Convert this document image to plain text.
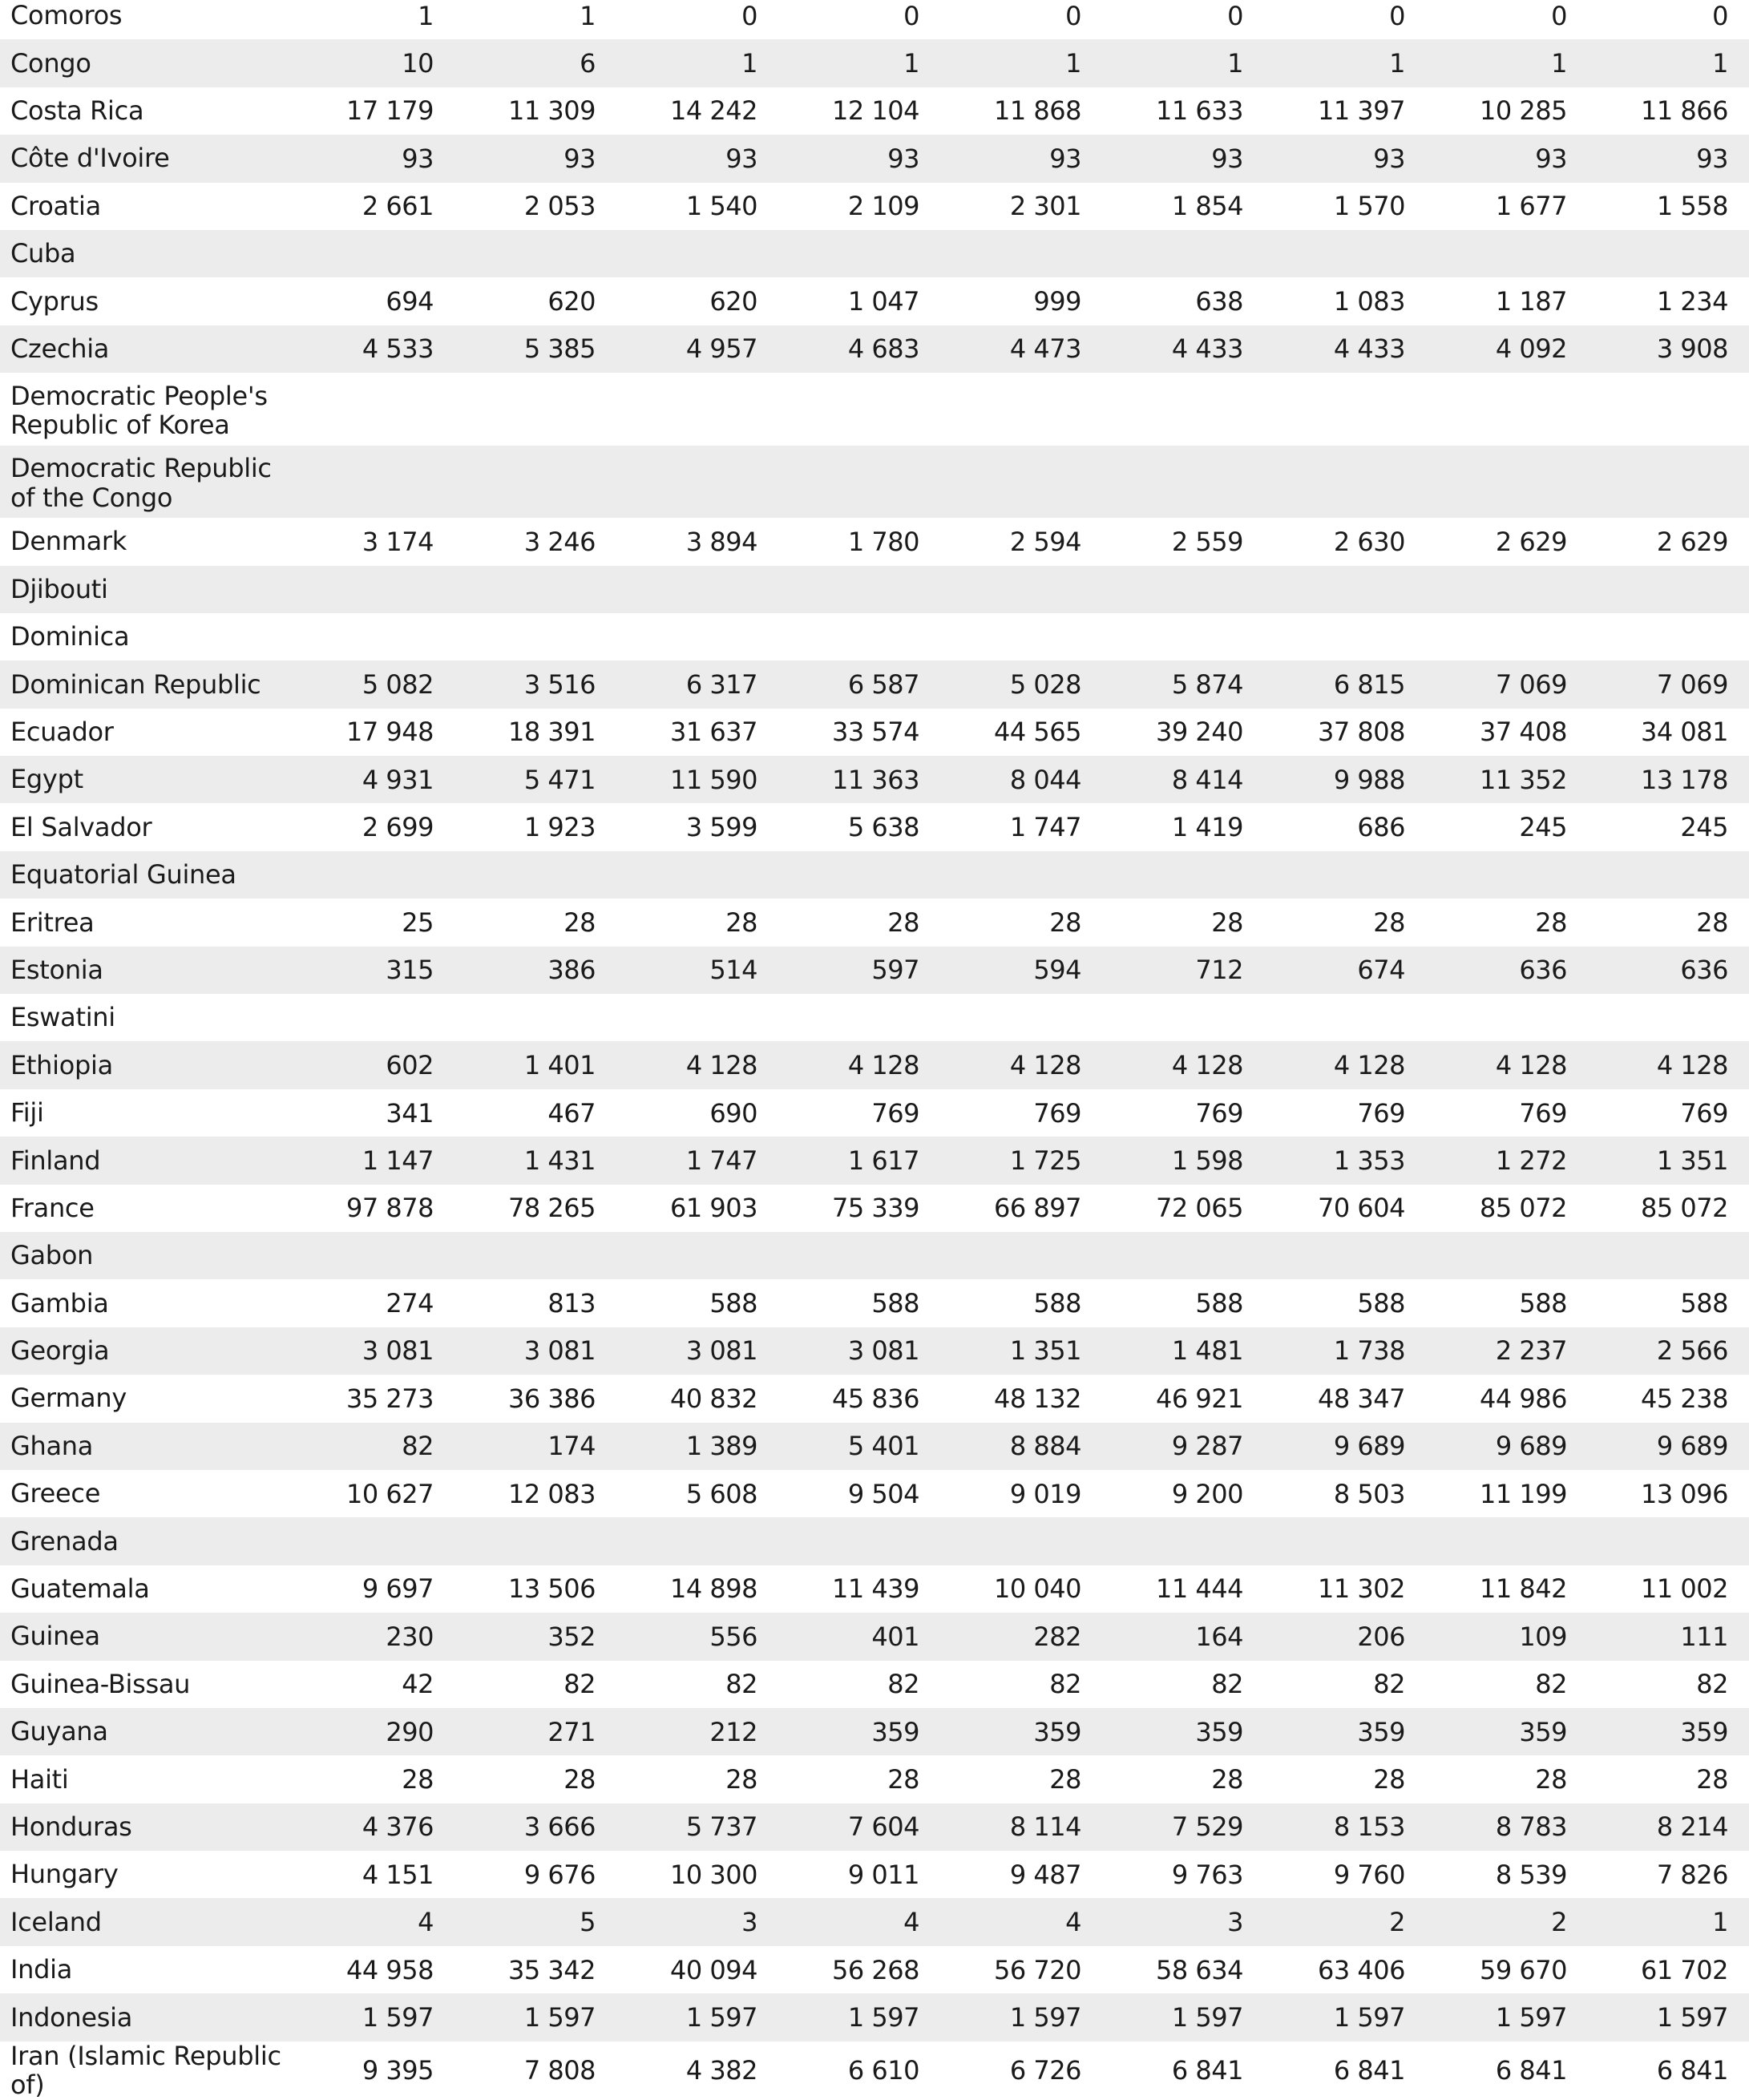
Comoros	1	1	0	0	0	0	0	0	0
Congo	10	6	1	1	1	1	1	1	1
Costa Rica	17 179	11 309	14 242	12 104	11 868	11 633	11 397	10 285	11 866
Côte d'Ivoire	93	93	93	93	93	93	93	93	93
Croatia	2 661	2 053	1 540	2 109	2 301	1 854	1 570	1 677	1 558
Cuba									
Cyprus	694	620	620	1 047	999	638	1 083	1 187	1 234
Czechia	4 533	5 385	4 957	4 683	4 473	4 433	4 433	4 092	3 908
Democratic People's Republic of Korea									
Democratic Republic of the Congo									
Denmark	3 174	3 246	3 894	1 780	2 594	2 559	2 630	2 629	2 629
Djibouti									
Dominica									
Dominican Republic	5 082	3 516	6 317	6 587	5 028	5 874	6 815	7 069	7 069
Ecuador	17 948	18 391	31 637	33 574	44 565	39 240	37 808	37 408	34 081
Egypt	4 931	5 471	11 590	11 363	8 044	8 414	9 988	11 352	13 178
El Salvador	2 699	1 923	3 599	5 638	1 747	1 419	686	245	245
Equatorial Guinea									
Eritrea	25	28	28	28	28	28	28	28	28
Estonia	315	386	514	597	594	712	674	636	636
Eswatini									
Ethiopia	602	1 401	4 128	4 128	4 128	4 128	4 128	4 128	4 128
Fiji	341	467	690	769	769	769	769	769	769
Finland	1 147	1 431	1 747	1 617	1 725	1 598	1 353	1 272	1 351
France	97 878	78 265	61 903	75 339	66 897	72 065	70 604	85 072	85 072
Gabon									
Gambia	274	813	588	588	588	588	588	588	588
Georgia	3 081	3 081	3 081	3 081	1 351	1 481	1 738	2 237	2 566
Germany	35 273	36 386	40 832	45 836	48 132	46 921	48 347	44 986	45 238
Ghana	82	174	1 389	5 401	8 884	9 287	9 689	9 689	9 689
Greece	10 627	12 083	5 608	9 504	9 019	9 200	8 503	11 199	13 096
Grenada									
Guatemala	9 697	13 506	14 898	11 439	10 040	11 444	11 302	11 842	11 002
Guinea	230	352	556	401	282	164	206	109	111
Guinea-Bissau	42	82	82	82	82	82	82	82	82
Guyana	290	271	212	359	359	359	359	359	359
Haiti	28	28	28	28	28	28	28	28	28
Honduras	4 376	3 666	5 737	7 604	8 114	7 529	8 153	8 783	8 214
Hungary	4 151	9 676	10 300	9 011	9 487	9 763	9 760	8 539	7 826
Iceland	4	5	3	4	4	3	2	2	1
India	44 958	35 342	40 094	56 268	56 720	58 634	63 406	59 670	61 702
Indonesia	1 597	1 597	1 597	1 597	1 597	1 597	1 597	1 597	1 597
Iran (Islamic Republic of)	9 395	7 808	4 382	6 610	6 726	6 841	6 841	6 841	6 841
